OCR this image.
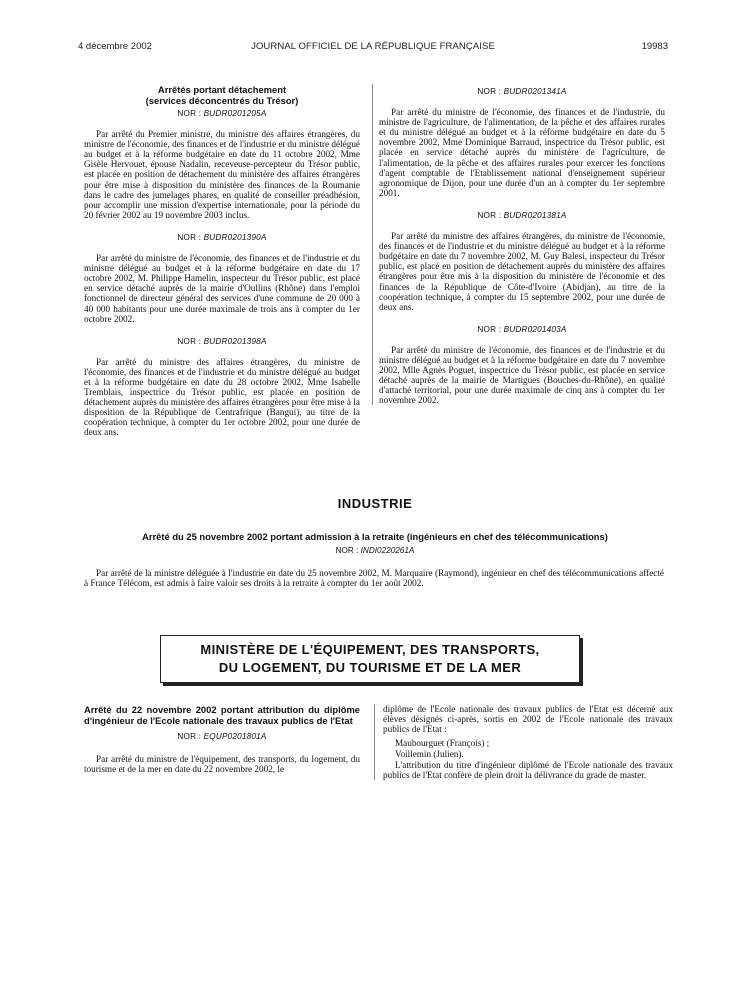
4 décembre 2002	JOURNAL OFFICIEL DE LA RÉPUBLIQUE FRANÇAISE	19983
Arrêtés portant détachement
(services déconcentrés du Trésor)
NOR : BUDR0201205A

Par arrêté du Premier ministre, du ministre des affaires étrangères, du ministre de l'économie, des finances et de l'industrie et du ministre délégué au budget et à la réforme budgétaire en date du 11 octobre 2002, Mme Gisèle Hervouet, épouse Nadalin, receveuse-percepteur du Trésor public, est placée en position de détachement du ministère des affaires étrangères pour être mise à disposition du ministère des finances de la Roumanie dans le cadre des jumelages phares, en qualité de conseiller préadhésion, pour accomplir une mission d'expertise internationale, pour la période du 20 février 2002 au 19 novembre 2003 inclus.

NOR : BUDR0201390A

Par arrêté du ministre de l'économie, des finances et de l'industrie et du ministre délégué au budget et à la réforme budgétaire en date du 17 octobre 2002, M. Philippe Hamelin, inspecteur du Trésor public, est placé en service détaché auprès de la mairie d'Oullins (Rhône) dans l'emploi fonctionnel de directeur général des services d'une commune de 20 000 à 40 000 habitants pour une durée maximale de trois ans à compter du 1er octobre 2002.

NOR : BUDR0201398A

Par arrêté du ministre des affaires étrangères, du ministre de l'économie, des finances et de l'industrie et du ministre délégué au budget et à la réforme budgétaire en date du 28 octobre 2002, Mme Isabelle Tremblais, inspectrice du Trésor public, est placée en position de détachement auprès du ministère des affaires étrangères pour être mise à la disposition de la République de Centrafrique (Bangui), au titre de la coopération technique, à compter du 1er octobre 2002, pour une durée de deux ans.

NOR : BUDR0201341A

Par arrêté du ministre de l'économie, des finances et de l'industrie, du ministre de l'agriculture, de l'alimentation, de la pêche et des affaires rurales et du ministre délégué au budget et à la réforme budgétaire en date du 5 novembre 2002, Mme Dominique Barraud, inspectrice du Trésor public, est placée en service détaché auprès du ministère de l'agriculture, de l'alimentation, de la pêche et des affaires rurales pour exercer les fonctions d'agent comptable de l'Etablissement national d'enseignement supérieur agronomique de Dijon, pour une durée d'un an à compter du 1er septembre 2001.

NOR : BUDR0201381A

Par arrêté du ministre des affaires étrangères, du ministre de l'économie, des finances et de l'industrie et du ministre délégué au budget et à la réforme budgétaire en date du 7 novembre 2002, M. Guy Balesi, inspecteur du Trésor public, est placé en position de détachement auprès du ministère des affaires étrangères pour être mis à la disposition du ministère de l'économie et des finances de la République de Côte-d'Ivoire (Abidjan), au titre de la coopération technique, à compter du 15 septembre 2002, pour une durée de deux ans.

NOR : BUDR0201403A

Par arrêté du ministre de l'économie, des finances et de l'industrie et du ministre délégué au budget et à la réforme budgétaire en date du 7 novembre 2002, Mlle Agnès Poguet, inspectrice du Trésor public, est placée en service détaché auprès de la mairie de Martigues (Bouches-du-Rhône), en qualité d'attaché territorial, pour une durée maximale de cinq ans à compter du 1er novembre 2002.

INDUSTRIE
Arrêté du 25 novembre 2002 portant admission à la retraite (ingénieurs en chef des télécommunications)
NOR : INDI0220261A
Par arrêté de la ministre déléguée à l'industrie en date du 25 novembre 2002, M. Marquaire (Raymond), ingénieur en chef des télécommunications affecté à France Télécom, est admis à faire valoir ses droits à la retraite à compter du 1er août 2002.
MINISTÈRE DE L'ÉQUIPEMENT, DES TRANSPORTS,
DU LOGEMENT, DU TOURISME ET DE LA MER
Arrêté du 22 novembre 2002 portant attribution du diplôme d'ingénieur de l'Ecole nationale des travaux publics de l'Etat
NOR : EQUP0201801A

Par arrêté du ministre de l'équipement, des transports, du logement, du tourisme et de la mer en date du 22 novembre 2002, le

diplôme de l'Ecole nationale des travaux publics de l'Etat est décerné aux élèves désignés ci-après, sortis en 2002 de l'Ecole nationale des travaux publics de l'Etat :

Maubourguet (François) ;

Voillemin (Julien).

L'attribution du titre d'ingénieur diplômé de l'Ecole nationale des travaux publics de l'Etat confère de plein droit la délivrance du grade de master.
